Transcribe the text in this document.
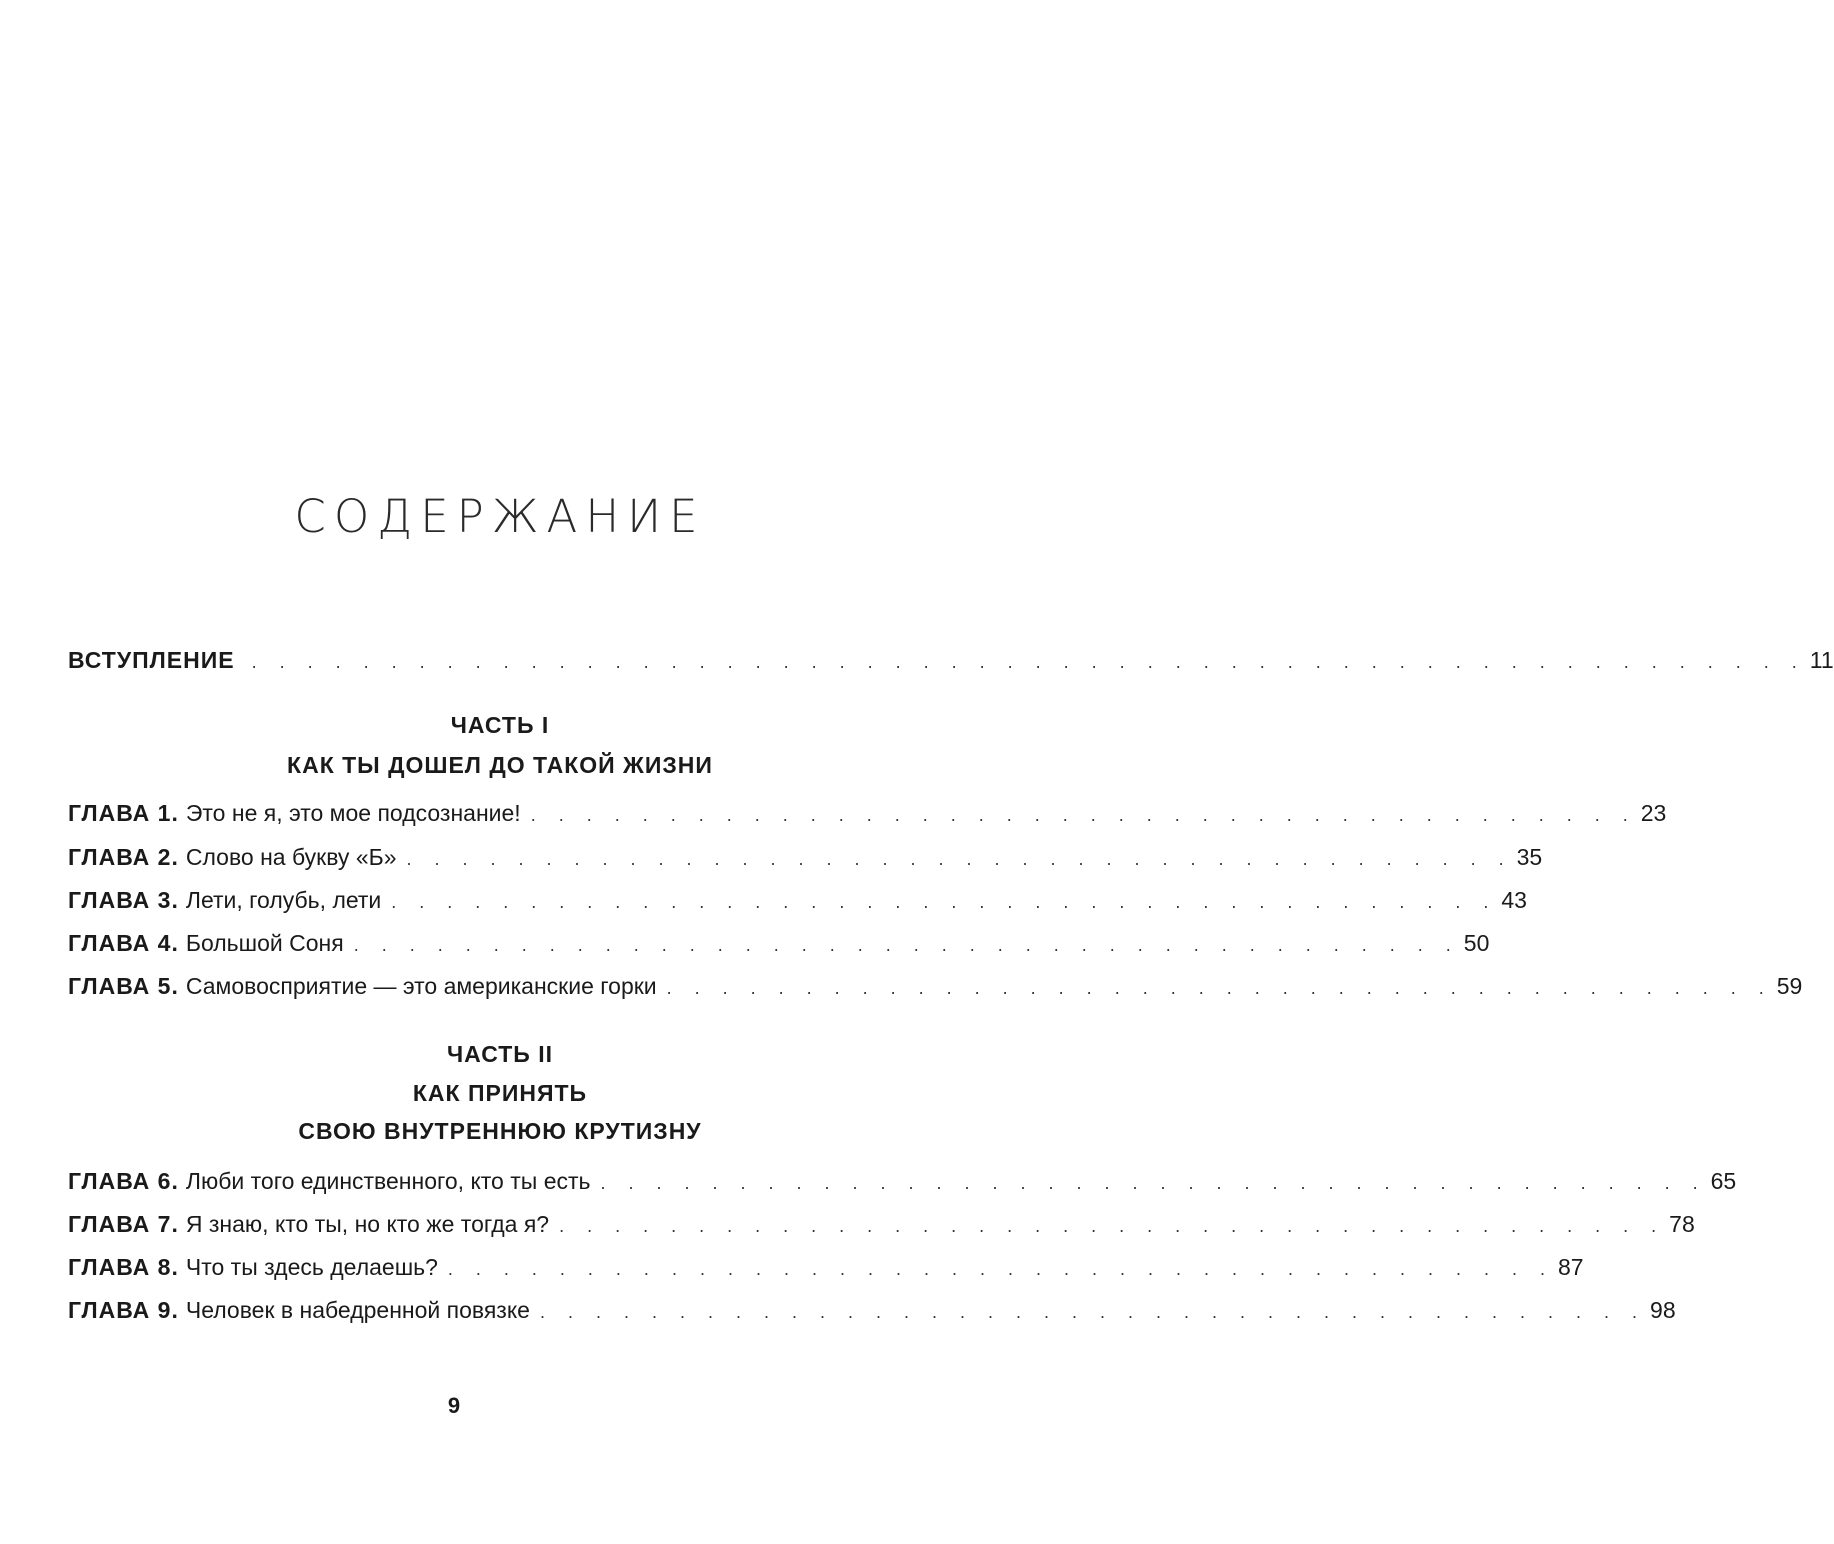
СОДЕРЖАНИЕ
ВСТУПЛЕНИЕ . . . . . . . . . . . . . . . . . . . . . . . . . . . . . . . . . . . . . . . . . . . . . . . . . . . . . . . . 11
ЧАСТЬ I
КАК ТЫ ДОШЕЛ ДО ТАКОЙ ЖИЗНИ
ГЛАВА 1. Это не я, это мое подсознание! . . . . . . . . . . . . . . . . . . . . . . . . . . . . . . . . . . . . . . . . 23
ГЛАВА 2. Слово на букву «Б» . . . . . . . . . . . . . . . . . . . . . . . . . . . . . . . . . . . . . . . . 35
ГЛАВА 3. Лети, голубь, лети . . . . . . . . . . . . . . . . . . . . . . . . . . . . . . . . . . . . . . . . 43
ГЛАВА 4. Большой Соня . . . . . . . . . . . . . . . . . . . . . . . . . . . . . . . . . . . . . . . . 50
ГЛАВА 5. Самовосприятие — это американские горки . . . . . . . . . . . . . . . . . . . . . . . . . . . . . . . . . . . . . . . . 59
ЧАСТЬ II
КАК ПРИНЯТЬ
СВОЮ ВНУТРЕННЮЮ КРУТИЗНУ
ГЛАВА 6. Люби того единственного, кто ты есть . . . . . . . . . . . . . . . . . . . . . . . . . . . . . . . . . . . . . . . . 65
ГЛАВА 7. Я знаю, кто ты, но кто же тогда я? . . . . . . . . . . . . . . . . . . . . . . . . . . . . . . . . . . . . . . . . 78
ГЛАВА 8. Что ты здесь делаешь? . . . . . . . . . . . . . . . . . . . . . . . . . . . . . . . . . . . . . . . . 87
ГЛАВА 9. Человек в набедренной повязке . . . . . . . . . . . . . . . . . . . . . . . . . . . . . . . . . . . . . . . . 98
9
